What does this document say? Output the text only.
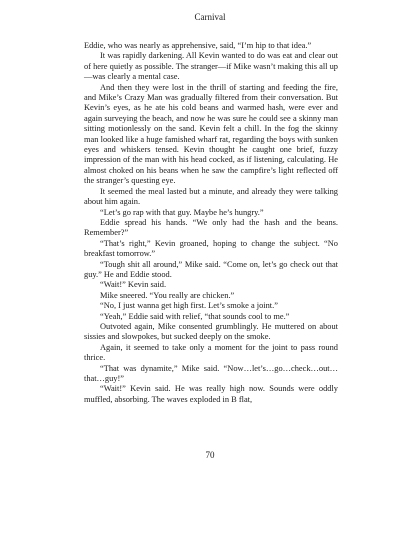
Carnival

Eddie, who was nearly as apprehensive, said, “I’m hip to that idea.”

It was rapidly darkening. All Kevin wanted to do was eat and clear out of here quietly as possible. The stranger—if Mike wasn’t making this all up—was clearly a mental case.

And then they were lost in the thrill of starting and feeding the fire, and Mike’s Crazy Man was gradually filtered from their conversation. But Kevin’s eyes, as he ate his cold beans and warmed hash, were ever and again surveying the beach, and now he was sure he could see a skinny man sitting motionlessly on the sand. Kevin felt a chill. In the fog the skinny man looked like a huge famished wharf rat, regarding the boys with sunken eyes and whiskers tensed. Kevin thought he caught one brief, fuzzy impression of the man with his head cocked, as if listening, calculating. He almost choked on his beans when he saw the campfire’s light reflected off the stranger’s questing eye.

It seemed the meal lasted but a minute, and already they were talking about him again.

“Let’s go rap with that guy. Maybe he’s hungry.”

Eddie spread his hands. “We only had the hash and the beans. Remember?”

“That’s right,” Kevin groaned, hoping to change the subject. “No breakfast tomorrow.”

“Tough shit all around,” Mike said. “Come on, let’s go check out that guy.” He and Eddie stood.

“Wait!” Kevin said.

Mike sneered. “You really are chicken.”

“No, I just wanna get high first. Let’s smoke a joint.”

“Yeah,” Eddie said with relief, “that sounds cool to me.”

Outvoted again, Mike consented grumblingly. He muttered on about sissies and slowpokes, but sucked deeply on the smoke.

Again, it seemed to take only a moment for the joint to pass round thrice.

“That was dynamite,” Mike said. “Now…let’s…go…check…out…that…guy!”

“Wait!” Kevin said. He was really high now. Sounds were oddly muffled, absorbing. The waves exploded in B flat,

70
